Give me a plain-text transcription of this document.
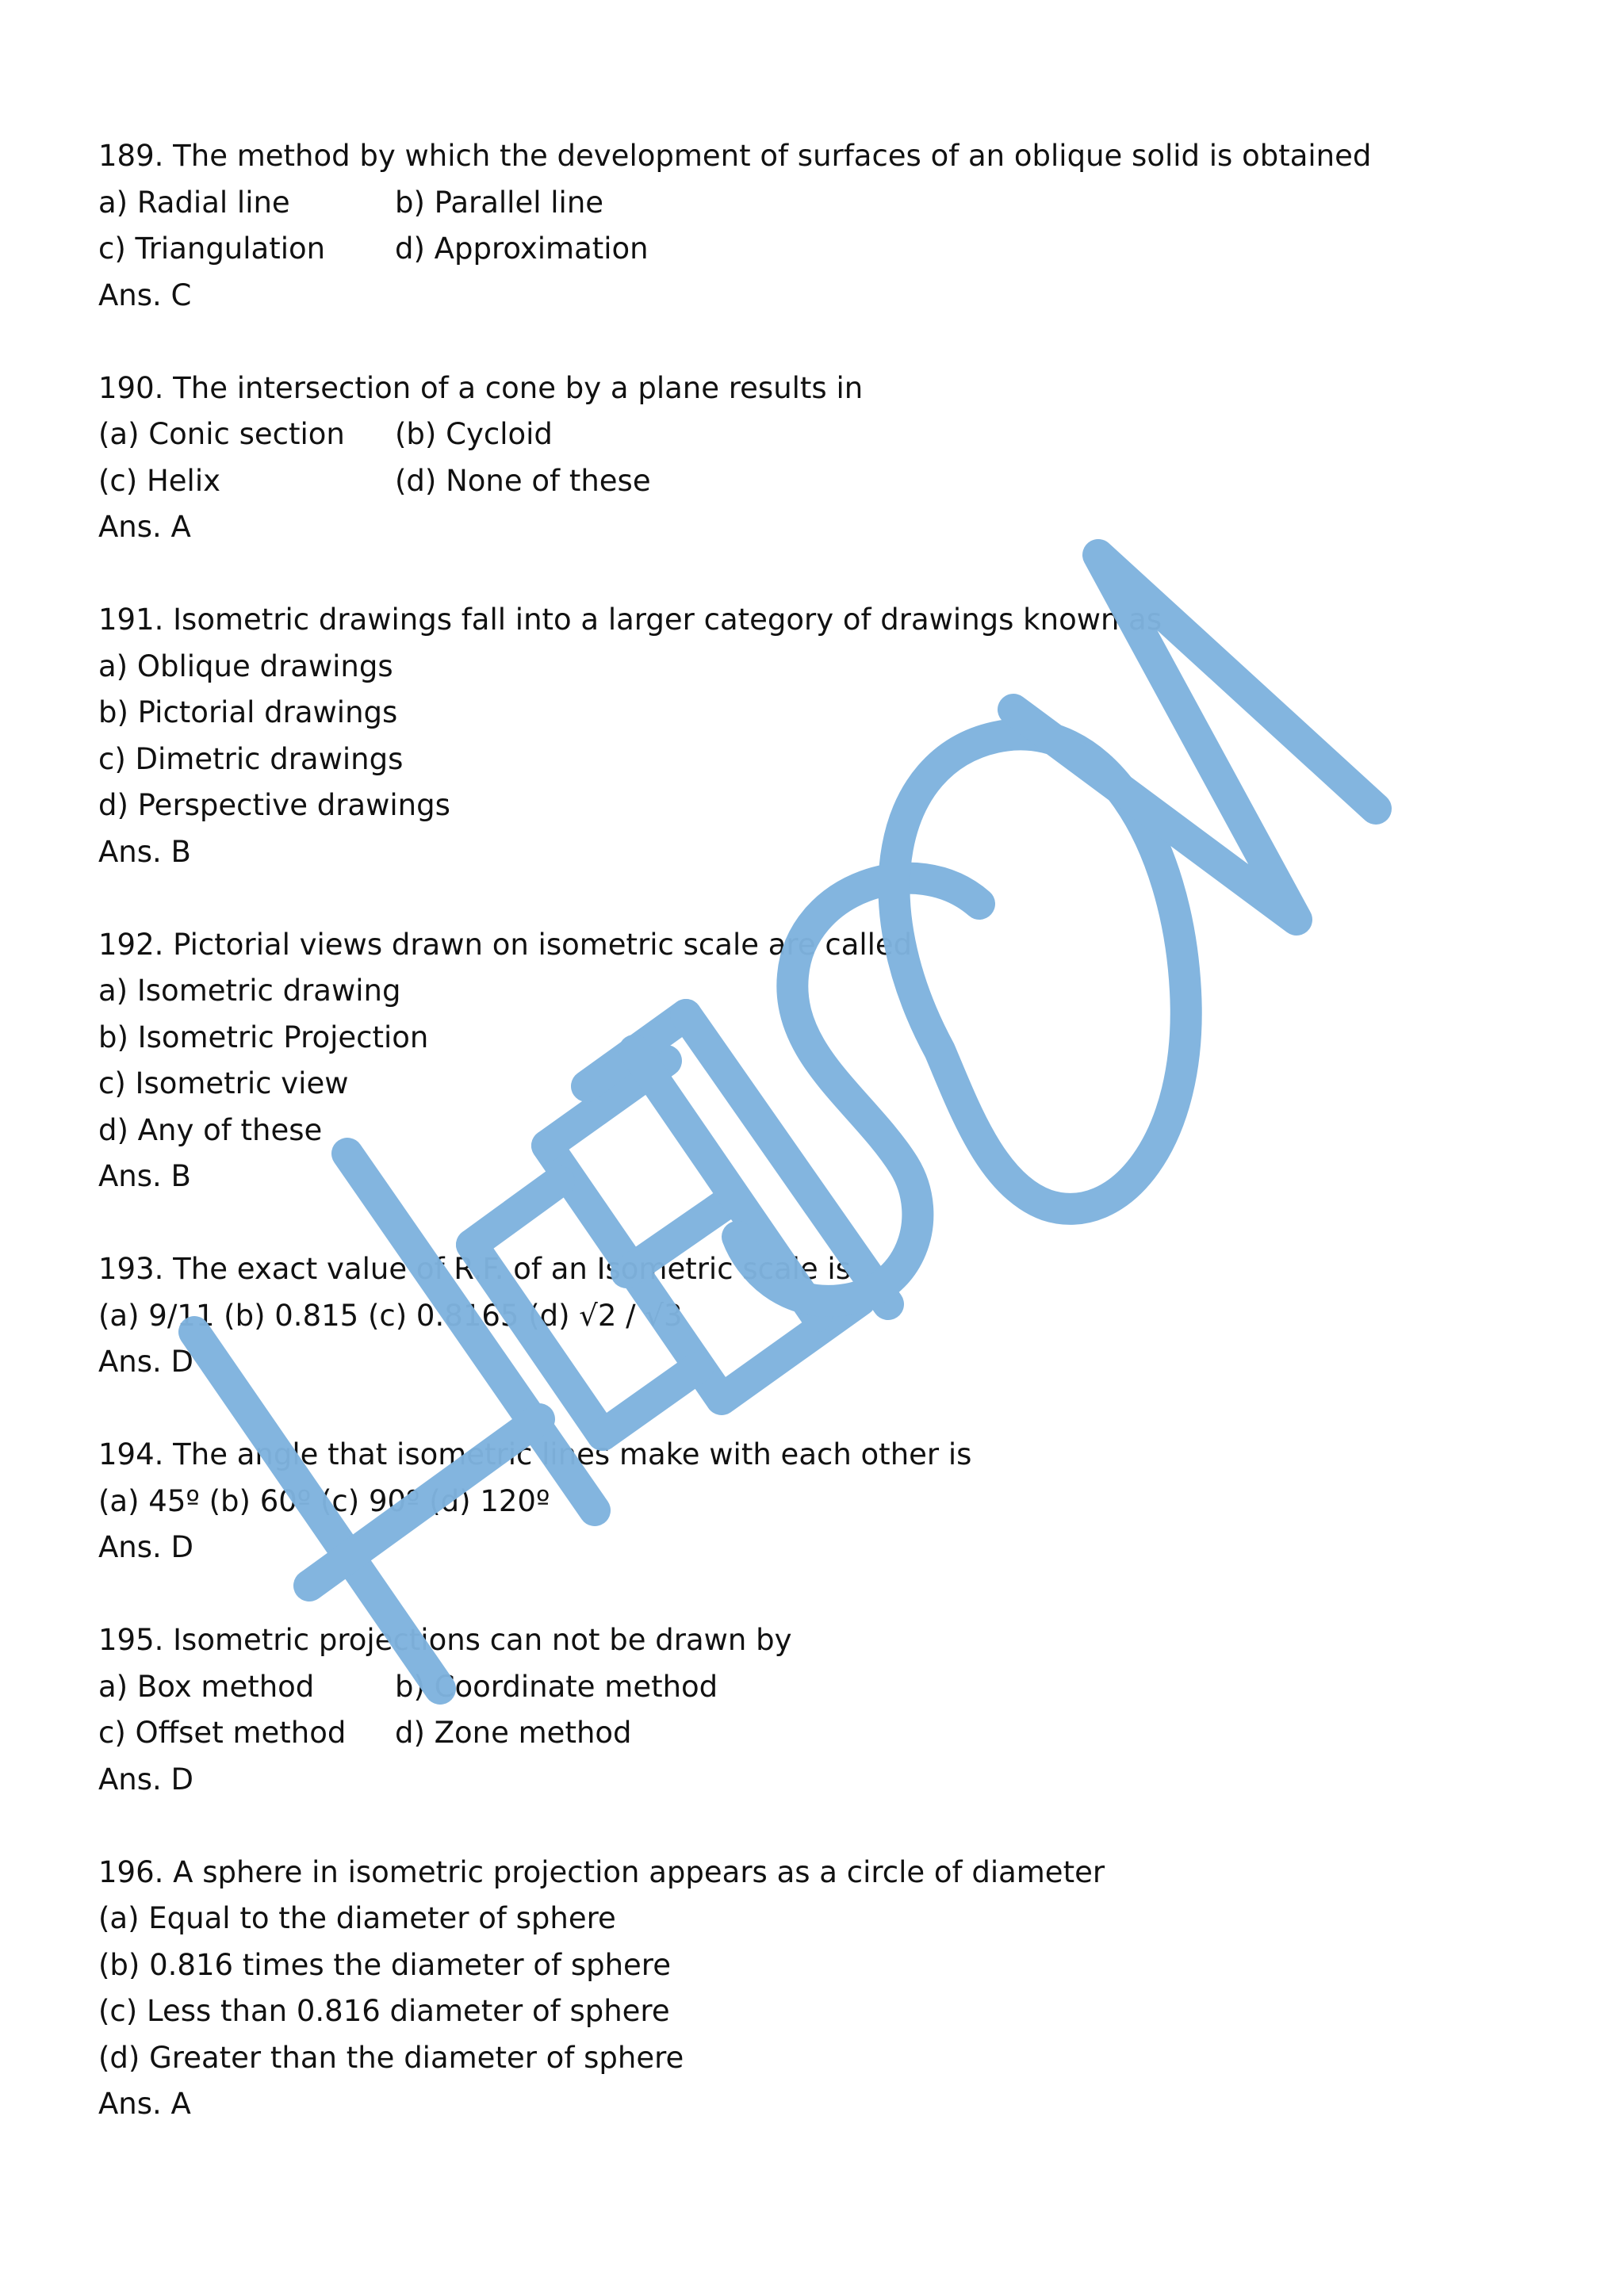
189. The method by which the development of surfaces of an oblique solid is obtained
a) Radial line	b) Parallel line
c) Triangulation	d) Approximation
Ans. C
190. The intersection of a cone by a plane results in
(a) Conic section	(b) Cycloid
(c) Helix	(d) None of these
Ans. A
191. Isometric drawings fall into a larger category of drawings known as
a) Oblique drawings
b) Pictorial drawings
c) Dimetric drawings
d) Perspective drawings
Ans. B
192. Pictorial views drawn on isometric scale are called
a) Isometric drawing
b) Isometric Projection
c) Isometric view
d) Any of these
Ans. B
193. The exact value of R.F. of an Isometric scale is
(a) 9/11 (b) 0.815 (c) 0.8165 (d) √2 / √3
Ans. D
194. The angle that isometric lines make with each other is
(a) 45º (b) 60º (c) 90º (d) 120º
Ans. D
195. Isometric projections can not be drawn by
a) Box method	b) Coordinate method
c) Offset method	d) Zone method
Ans. D
196. A sphere in isometric projection appears as a circle of diameter
(a) Equal to the diameter of sphere
(b) 0.816 times the diameter of sphere
(c) Less than 0.816 diameter of sphere
(d) Greater than the diameter of sphere
Ans. A
